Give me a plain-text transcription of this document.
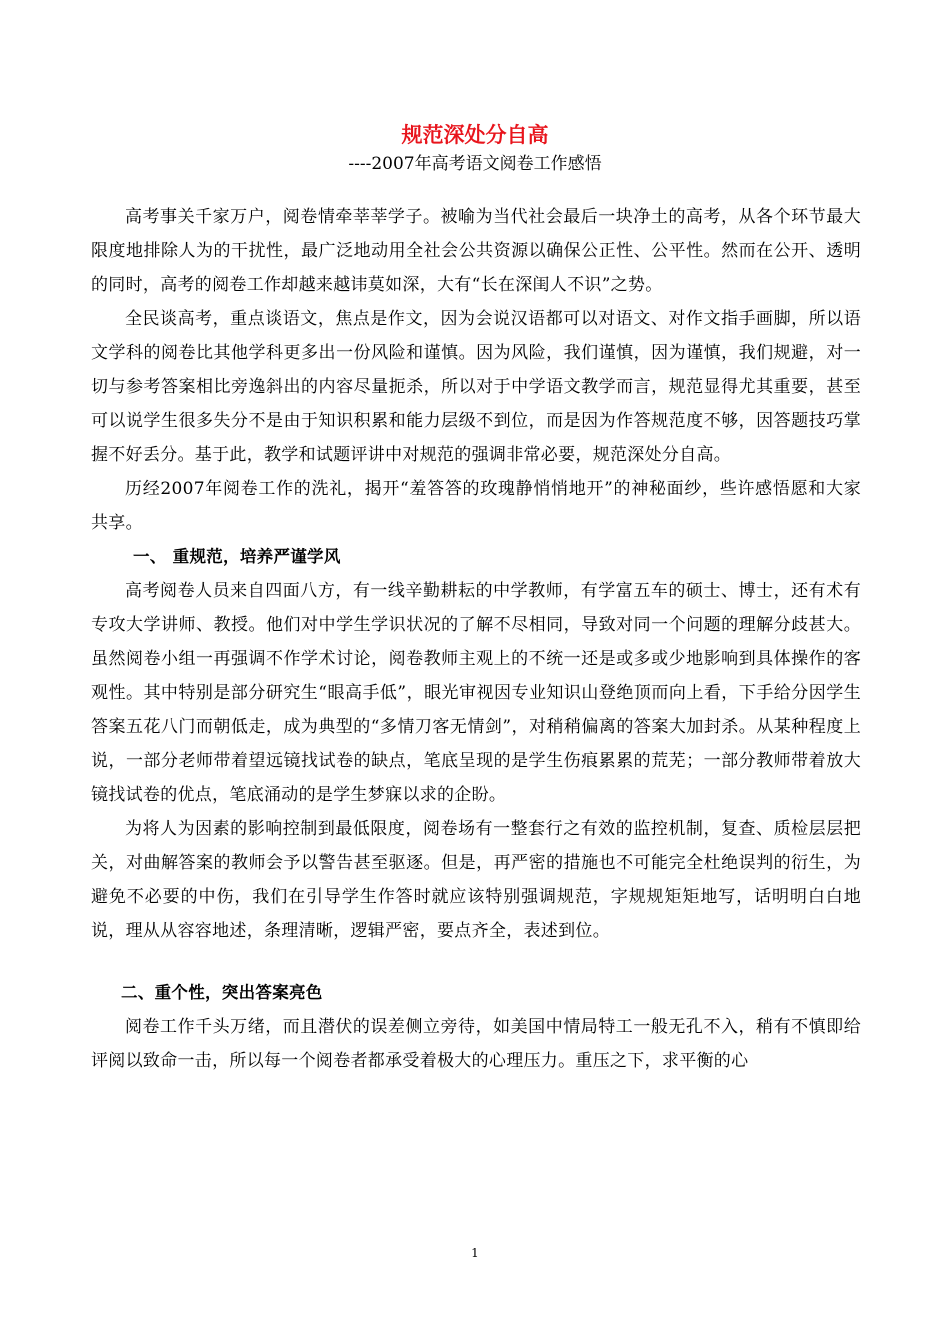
规范深处分自高
----2007年高考语文阅卷工作感悟

高考事关千家万户，阅卷情牵莘莘学子。被喻为当代社会最后一块净土的高考，从各个环节最大限度地排除人为的干扰性，最广泛地动用全社会公共资源以确保公正性、公平性。然而在公开、透明的同时，高考的阅卷工作却越来越讳莫如深，大有“长在深闺人不识”之势。

全民谈高考，重点谈语文，焦点是作文，因为会说汉语都可以对语文、对作文指手画脚，所以语文学科的阅卷比其他学科更多出一份风险和谨慎。因为风险，我们谨慎，因为谨慎，我们规避，对一切与参考答案相比旁逸斜出的内容尽量扼杀，所以对于中学语文教学而言，规范显得尤其重要，甚至可以说学生很多失分不是由于知识积累和能力层级不到位，而是因为作答规范度不够，因答题技巧掌握不好丢分。基于此，教学和试题评讲中对规范的强调非常必要，规范深处分自高。

历经2007年阅卷工作的洗礼，揭开“羞答答的玫瑰静悄悄地开”的神秘面纱，些许感悟愿和大家共享。

一、 重规范，培养严谨学风

高考阅卷人员来自四面八方，有一线辛勤耕耘的中学教师，有学富五车的硕士、博士，还有术有专攻大学讲师、教授。他们对中学生学识状况的了解不尽相同，导致对同一个问题的理解分歧甚大。虽然阅卷小组一再强调不作学术讨论，阅卷教师主观上的不统一还是或多或少地影响到具体操作的客观性。其中特别是部分研究生“眼高手低”，眼光审视因专业知识山登绝顶而向上看，下手给分因学生答案五花八门而朝低走，成为典型的“多情刀客无情剑”，对稍稍偏离的答案大加封杀。从某种程度上说，一部分老师带着望远镜找试卷的缺点，笔底呈现的是学生伤痕累累的荒芜；一部分教师带着放大镜找试卷的优点，笔底涌动的是学生梦寐以求的企盼。

为将人为因素的影响控制到最低限度，阅卷场有一整套行之有效的监控机制，复查、质检层层把关，对曲解答案的教师会予以警告甚至驱逐。但是，再严密的措施也不可能完全杜绝误判的衍生，为避免不必要的中伤，我们在引导学生作答时就应该特别强调规范，字规规矩矩地写，话明明白白地说，理从从容容地述，条理清晰，逻辑严密，要点齐全，表述到位。

二、重个性，突出答案亮色

阅卷工作千头万绪，而且潜伏的误差侧立旁待，如美国中情局特工一般无孔不入，稍有不慎即给评阅以致命一击，所以每一个阅卷者都承受着极大的心理压力。重压之下，求平衡的心

1
